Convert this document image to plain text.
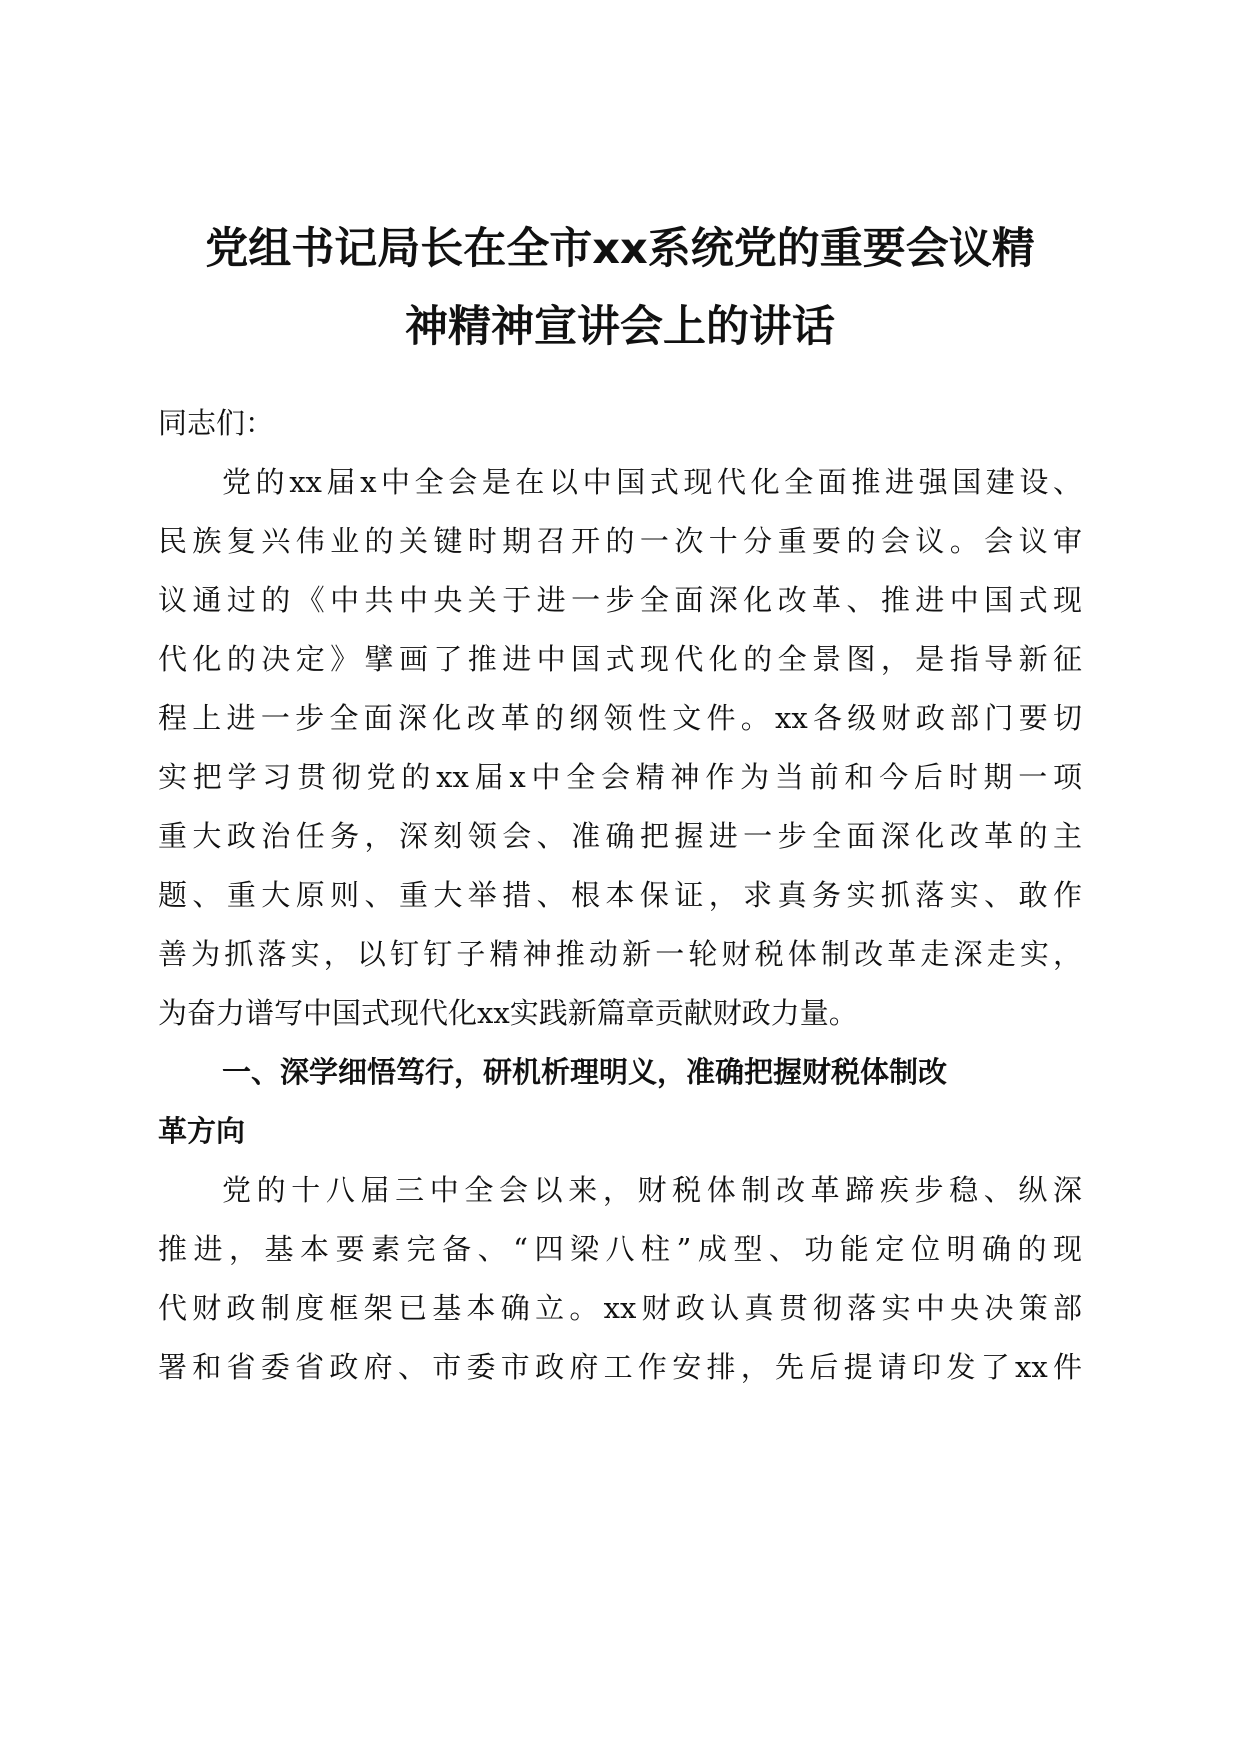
党组书记局长在全市xx系统党的重要会议精
神精神宣讲会上的讲话

同志们：

党的xx届x中全会是在以中国式现代化全面推进强国建设、

民族复兴伟业的关键时期召开的一次十分重要的会议。会议审

议通过的《中共中央关于进一步全面深化改革、推进中国式现

代化的决定》擘画了推进中国式现代化的全景图，是指导新征

程上进一步全面深化改革的纲领性文件。xx各级财政部门要切

实把学习贯彻党的xx届x中全会精神作为当前和今后时期一项

重大政治任务，深刻领会、准确把握进一步全面深化改革的主

题、重大原则、重大举措、根本保证，求真务实抓落实、敢作

善为抓落实，以钉钉子精神推动新一轮财税体制改革走深走实，

为奋力谱写中国式现代化xx实践新篇章贡献财政力量。

一、深学细悟笃行，研机析理明义，准确把握财税体制改

革方向

党的十八届三中全会以来，财税体制改革蹄疾步稳、纵深

推进，基本要素完备、“四梁八柱”成型、功能定位明确的现

代财政制度框架已基本确立。xx财政认真贯彻落实中央决策部

署和省委省政府、市委市政府工作安排，先后提请印发了xx件
